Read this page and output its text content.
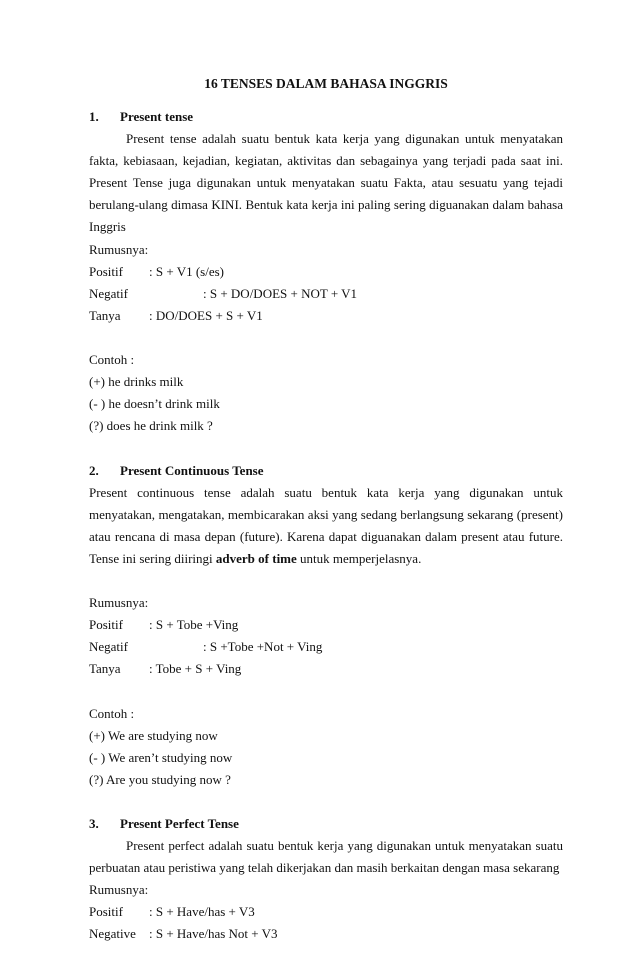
16 TENSES DALAM BAHASA INGGRIS
1.	Present tense

Present tense adalah suatu bentuk kata kerja yang digunakan untuk menyatakan fakta, kebiasaan, kejadian, kegiatan, aktivitas dan sebagainya yang terjadi pada saat ini. Present Tense juga digunakan untuk menyatakan suatu Fakta, atau sesuatu yang tejadi berulang-ulang dimasa KINI. Bentuk kata kerja ini paling sering diguanakan dalam bahasa Inggris

Rumusnya:

Positif	: S + V1 (s/es)
Negatif	: S + DO/DOES + NOT + V1
Tanya	: DO/DOES + S + V1

Contoh :

(+) he drinks milk

(- ) he doesn’t drink milk

(?) does he drink milk ?

2.	Present Continuous Tense

Present continuous tense adalah suatu bentuk kata kerja yang digunakan untuk menyatakan, mengatakan, membicarakan aksi yang sedang berlangsung sekarang (present) atau rencana di masa depan (future). Karena dapat diguanakan dalam present atau future. Tense ini sering diiringi adverb of time untuk memperjelasnya.

Rumusnya:

Positif	: S + Tobe +Ving
Negatif	: S +Tobe +Not + Ving
Tanya	: Tobe + S + Ving

Contoh :

(+) We are studying now

(- ) We aren’t studying now

(?) Are you studying now ?

3.	Present Perfect Tense

Present perfect adalah suatu bentuk kerja yang digunakan untuk menyatakan suatu perbuatan atau peristiwa yang telah dikerjakan dan masih berkaitan dengan masa sekarang

Rumusnya:

Positif	: S + Have/has + V3
Negative	: S + Have/has Not + V3
